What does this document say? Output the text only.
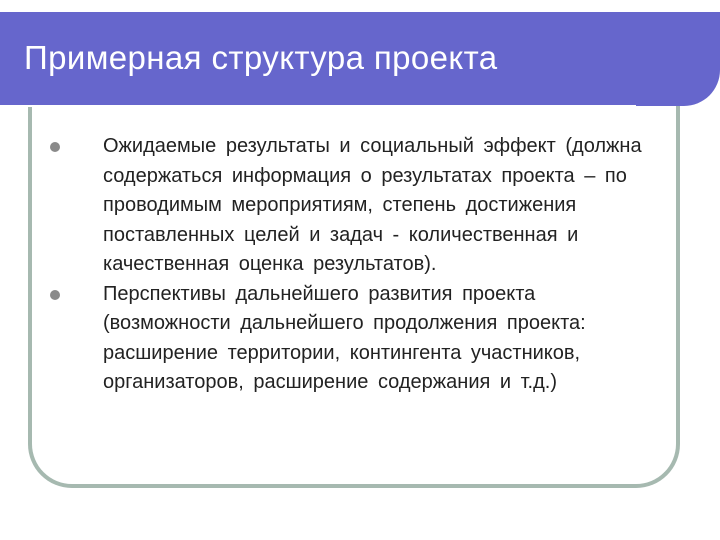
Примерная структура проекта
Ожидаемые результаты и социальный эффект (должна содержаться информация о результатах проекта – по проводимым мероприятиям, степень достижения поставленных целей и задач - количественная и качественная оценка результатов).
Перспективы дальнейшего развития проекта (возможности дальнейшего продолжения проекта: расширение территории, контингента участников, организаторов, расширение содержания и т.д.)
